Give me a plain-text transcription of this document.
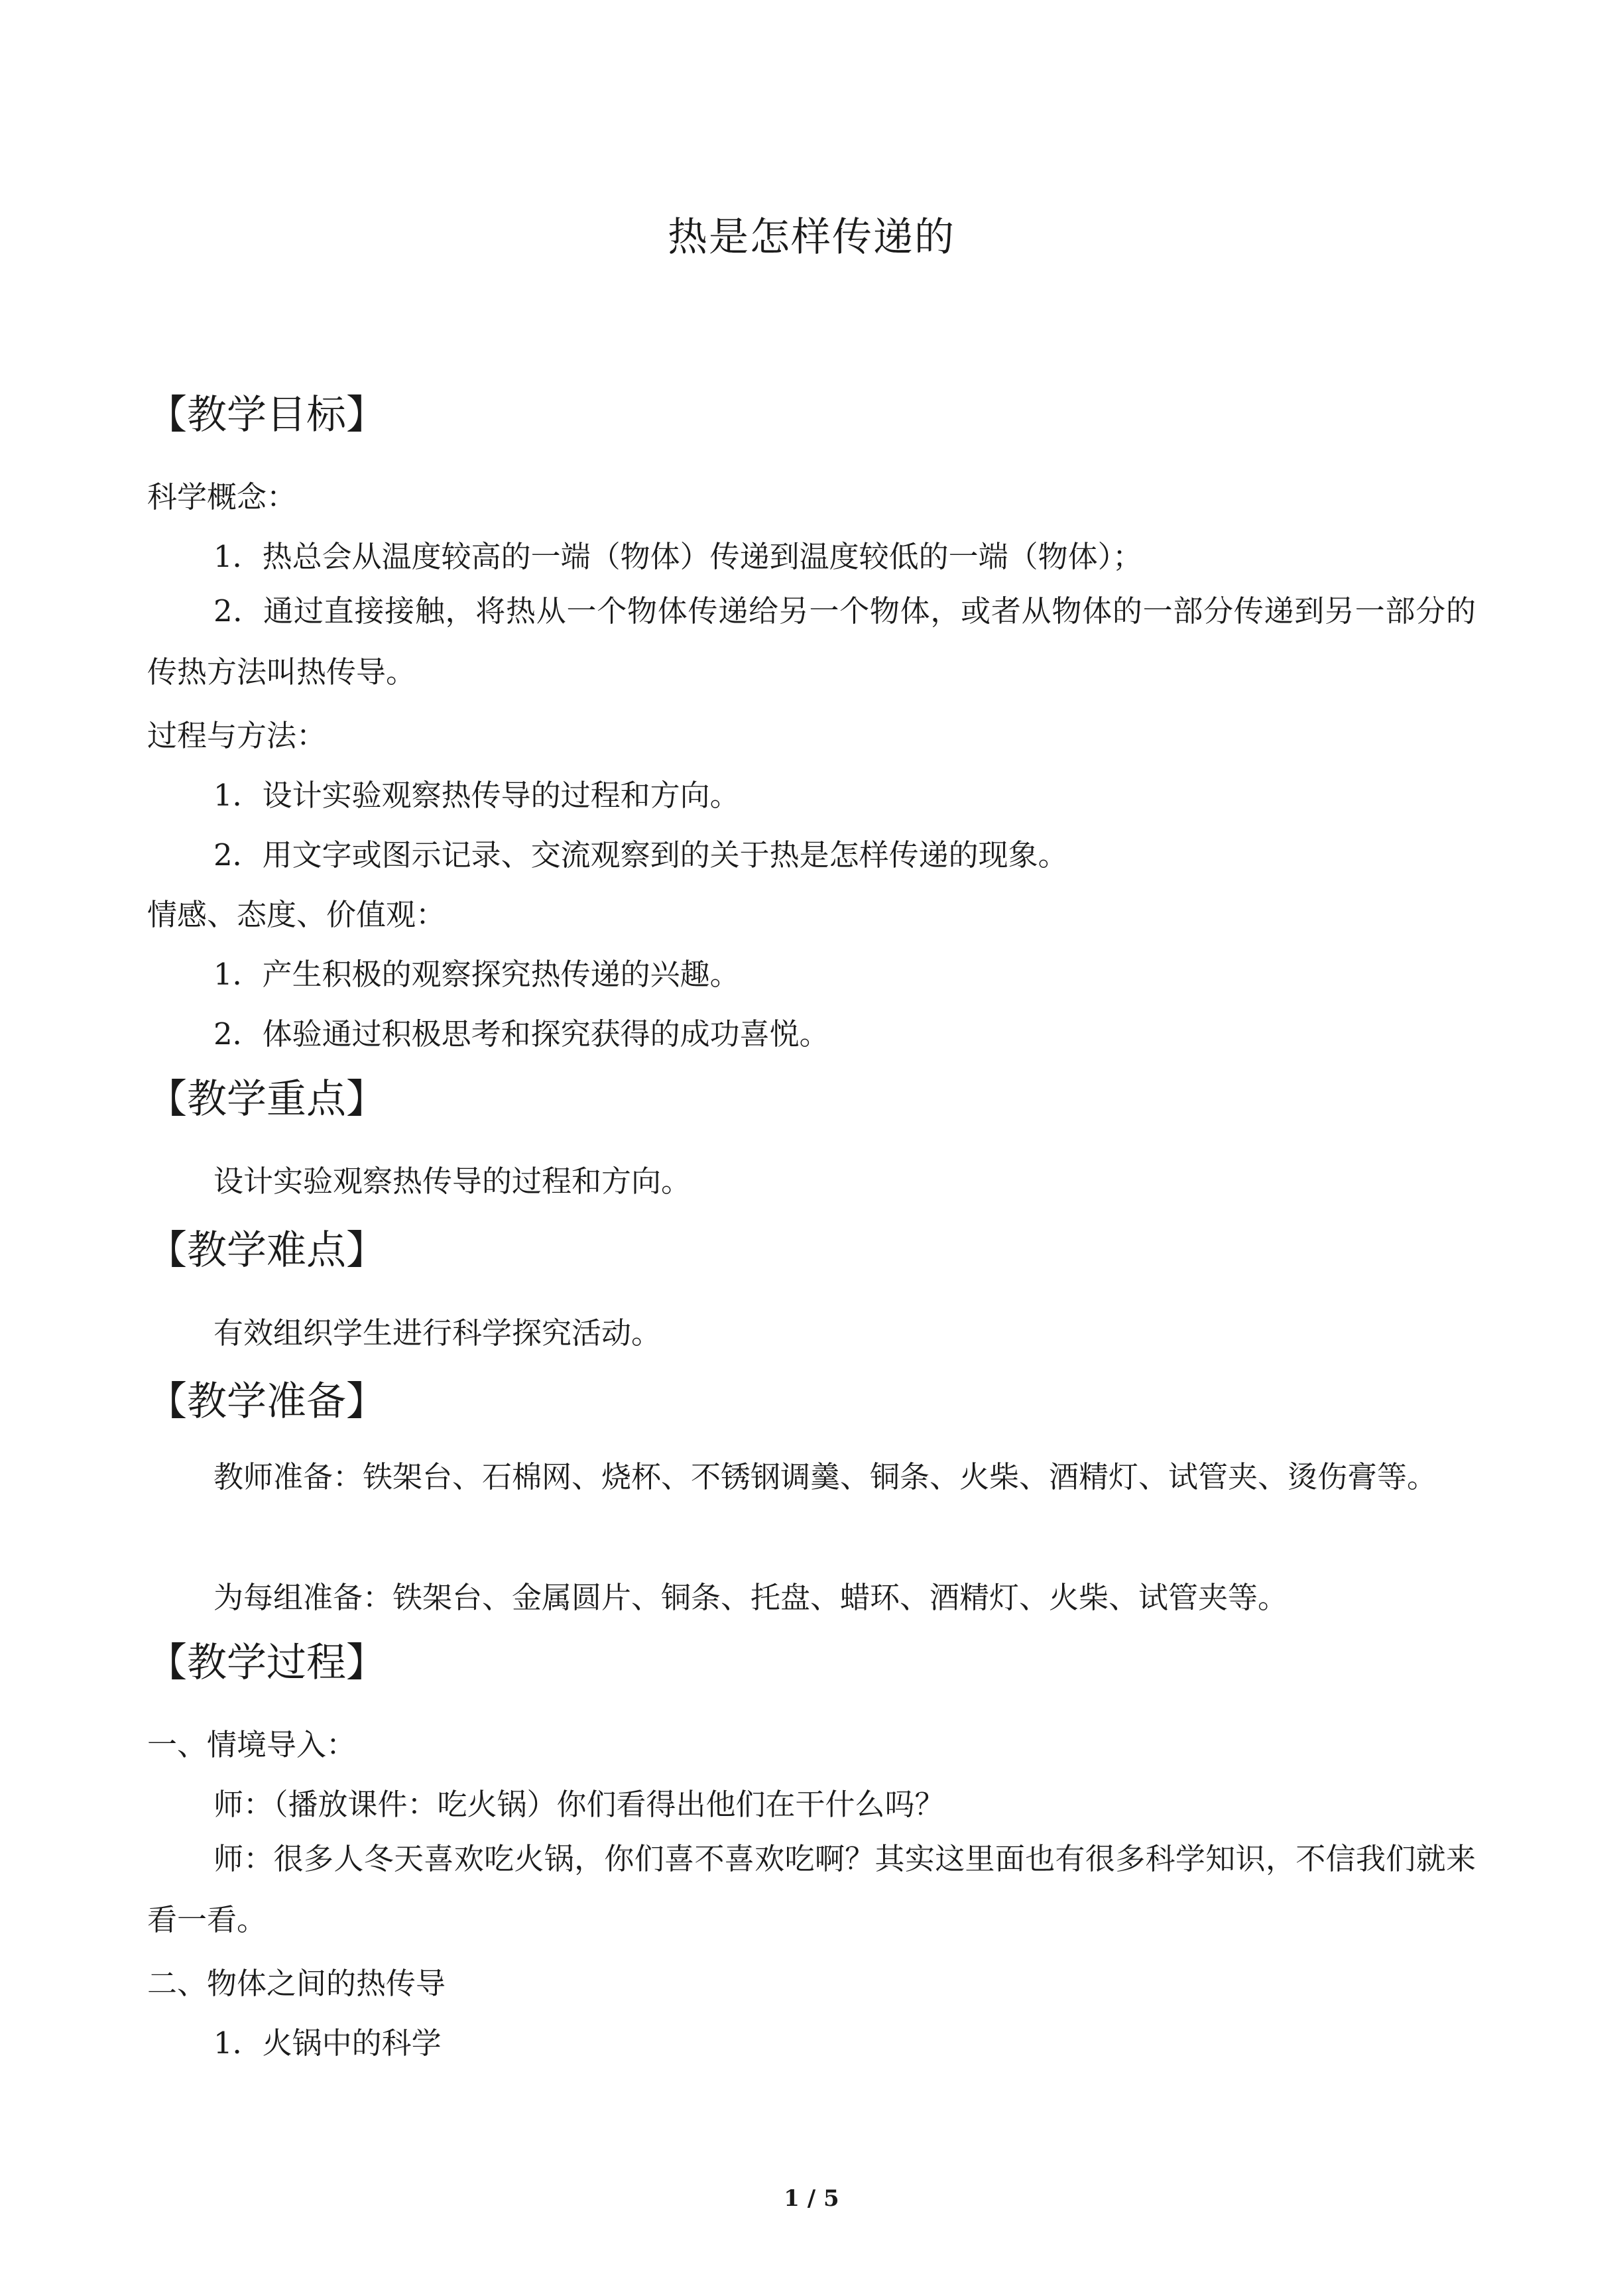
热是怎样传递的
【教学目标】
科学概念：
1．热总会从温度较高的一端（物体）传递到温度较低的一端（物体）；
2．通过直接接触，将热从一个物体传递给另一个物体，或者从物体的一部分传递到另一部分的传热方法叫热传导。
过程与方法：
1．设计实验观察热传导的过程和方向。
2．用文字或图示记录、交流观察到的关于热是怎样传递的现象。
情感、态度、价值观：
1．产生积极的观察探究热传递的兴趣。
2．体验通过积极思考和探究获得的成功喜悦。
【教学重点】
设计实验观察热传导的过程和方向。
【教学难点】
有效组织学生进行科学探究活动。
【教学准备】
教师准备：铁架台、石棉网、烧杯、不锈钢调羹、铜条、火柴、酒精灯、试管夹、烫伤膏等。
为每组准备：铁架台、金属圆片、铜条、托盘、蜡环、酒精灯、火柴、试管夹等。
【教学过程】
一、情境导入：
师：（播放课件：吃火锅）你们看得出他们在干什么吗？
师：很多人冬天喜欢吃火锅，你们喜不喜欢吃啊？其实这里面也有很多科学知识，不信我们就来看一看。
二、物体之间的热传导
1．火锅中的科学
1 / 5
